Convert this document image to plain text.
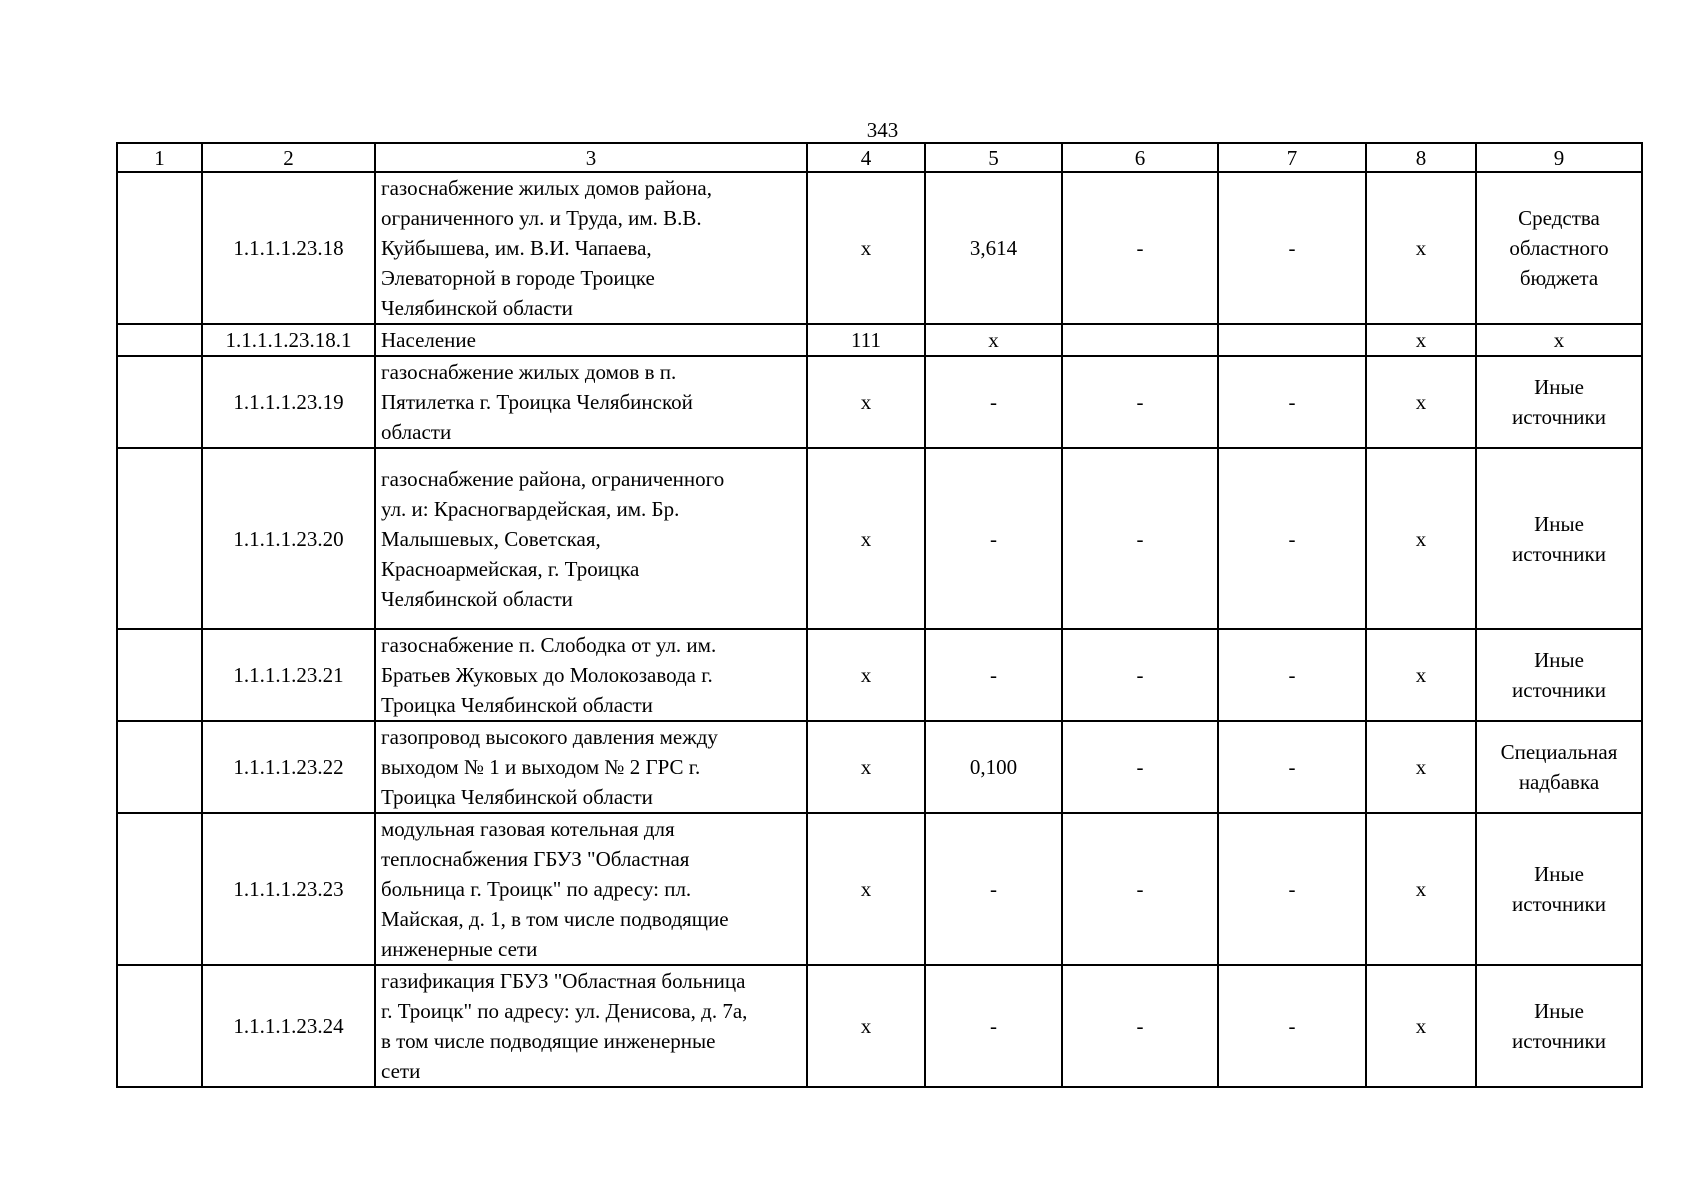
343
1	2	3	4	5	6	7	8	9
	1.1.1.1.23.18	газоснабжение жилых домов района,
ограниченного ул. и Труда, им. В.В.
Куйбышева, им. В.И. Чапаева,
Элеваторной в городе Троицке
Челябинской области	x	3,614	-	-	x	Средства
областного
бюджета
	1.1.1.1.23.18.1	Население	111	x			x	x
	1.1.1.1.23.19	газоснабжение жилых домов в п.
Пятилетка г. Троицка Челябинской
области	x	-	-	-	x	Иные
источники
	1.1.1.1.23.20	газоснабжение района, ограниченного
ул. и: Красногвардейская, им. Бр.
Малышевых, Советская,
Красноармейская, г. Троицка
Челябинской области	x	-	-	-	x	Иные
источники
	1.1.1.1.23.21	газоснабжение п. Слободка от ул. им.
Братьев Жуковых до Молокозавода г.
Троицка Челябинской области	x	-	-	-	x	Иные
источники
	1.1.1.1.23.22	газопровод высокого давления между
выходом № 1 и выходом № 2 ГРС г.
Троицка Челябинской области	x	0,100	-	-	x	Специальная
надбавка
	1.1.1.1.23.23	модульная газовая котельная для
теплоснабжения ГБУЗ "Областная
больница г. Троицк" по адресу: пл.
Майская, д. 1, в том числе подводящие
инженерные сети	x	-	-	-	x	Иные
источники
	1.1.1.1.23.24	газификация ГБУЗ "Областная больница
г. Троицк" по адресу: ул. Денисова, д. 7а,
в том числе подводящие инженерные
сети	x	-	-	-	x	Иные
источники
